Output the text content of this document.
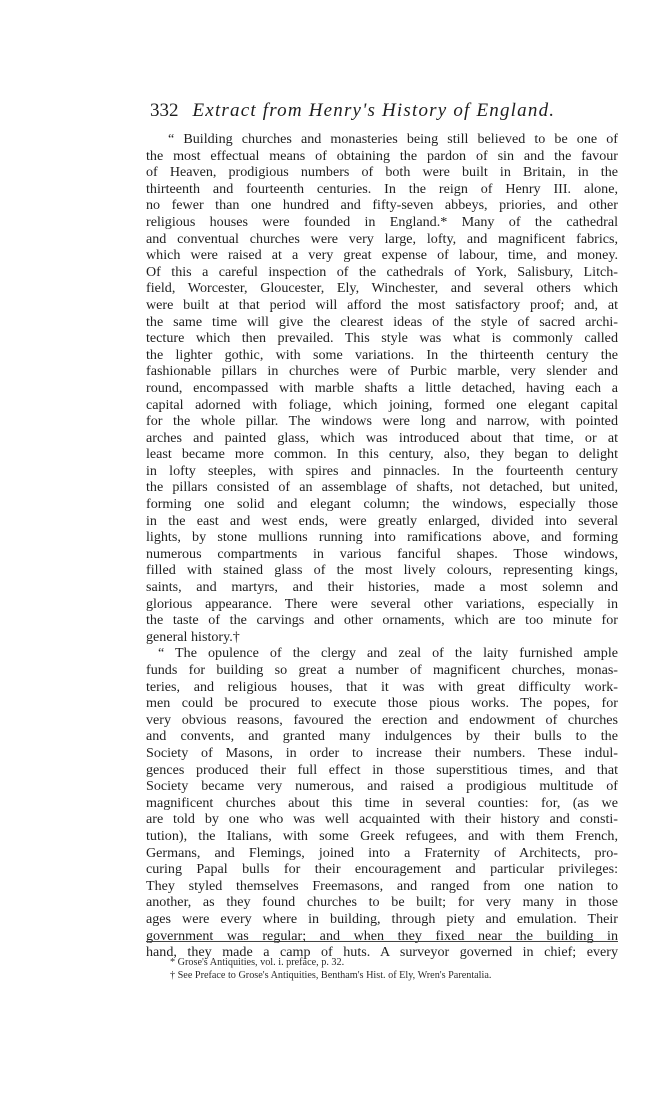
332 Extract from Henry's History of England.
“ Building churches and monasteries being still believed to be one of
the most effectual means of obtaining the pardon of sin and the favour
of Heaven, prodigious numbers of both were built in Britain, in the
thirteenth and fourteenth centuries. In the reign of Henry III. alone,
no fewer than one hundred and fifty-seven abbeys, priories, and other
religious houses were founded in England.* Many of the cathedral
and conventual churches were very large, lofty, and magnificent fabrics,
which were raised at a very great expense of labour, time, and money.
Of this a careful inspection of the cathedrals of York, Salisbury, Litch-
field, Worcester, Gloucester, Ely, Winchester, and several others which
were built at that period will afford the most satisfactory proof; and, at
the same time will give the clearest ideas of the style of sacred archi-
tecture which then prevailed. This style was what is commonly called
the lighter gothic, with some variations. In the thirteenth century the
fashionable pillars in churches were of Purbic marble, very slender and
round, encompassed with marble shafts a little detached, having each a
capital adorned with foliage, which joining, formed one elegant capital
for the whole pillar. The windows were long and narrow, with pointed
arches and painted glass, which was introduced about that time, or at
least became more common. In this century, also, they began to delight
in lofty steeples, with spires and pinnacles. In the fourteenth century
the pillars consisted of an assemblage of shafts, not detached, but united,
forming one solid and elegant column; the windows, especially those
in the east and west ends, were greatly enlarged, divided into several
lights, by stone mullions running into ramifications above, and forming
numerous compartments in various fanciful shapes. Those windows,
filled with stained glass of the most lively colours, representing kings,
saints, and martyrs, and their histories, made a most solemn and
glorious appearance. There were several other variations, especially in
the taste of the carvings and other ornaments, which are too minute for
general history.†
“ The opulence of the clergy and zeal of the laity furnished ample
funds for building so great a number of magnificent churches, monas-
teries, and religious houses, that it was with great difficulty work-
men could be procured to execute those pious works. The popes, for
very obvious reasons, favoured the erection and endowment of churches
and convents, and granted many indulgences by their bulls to the
Society of Masons, in order to increase their numbers. These indul-
gences produced their full effect in those superstitious times, and that
Society became very numerous, and raised a prodigious multitude of
magnificent churches about this time in several counties: for, (as we
are told by one who was well acquainted with their history and consti-
tution), the Italians, with some Greek refugees, and with them French,
Germans, and Flemings, joined into a Fraternity of Architects, pro-
curing Papal bulls for their encouragement and particular privileges:
They styled themselves Freemasons, and ranged from one nation to
another, as they found churches to be built; for very many in those
ages were every where in building, through piety and emulation. Their
government was regular; and when they fixed near the building in
hand, they made a camp of huts. A surveyor governed in chief; every
* Grose's Antiquities, vol. i. preface, p. 32.
† See Preface to Grose's Antiquities, Bentham's Hist. of Ely, Wren's Parentalia.
